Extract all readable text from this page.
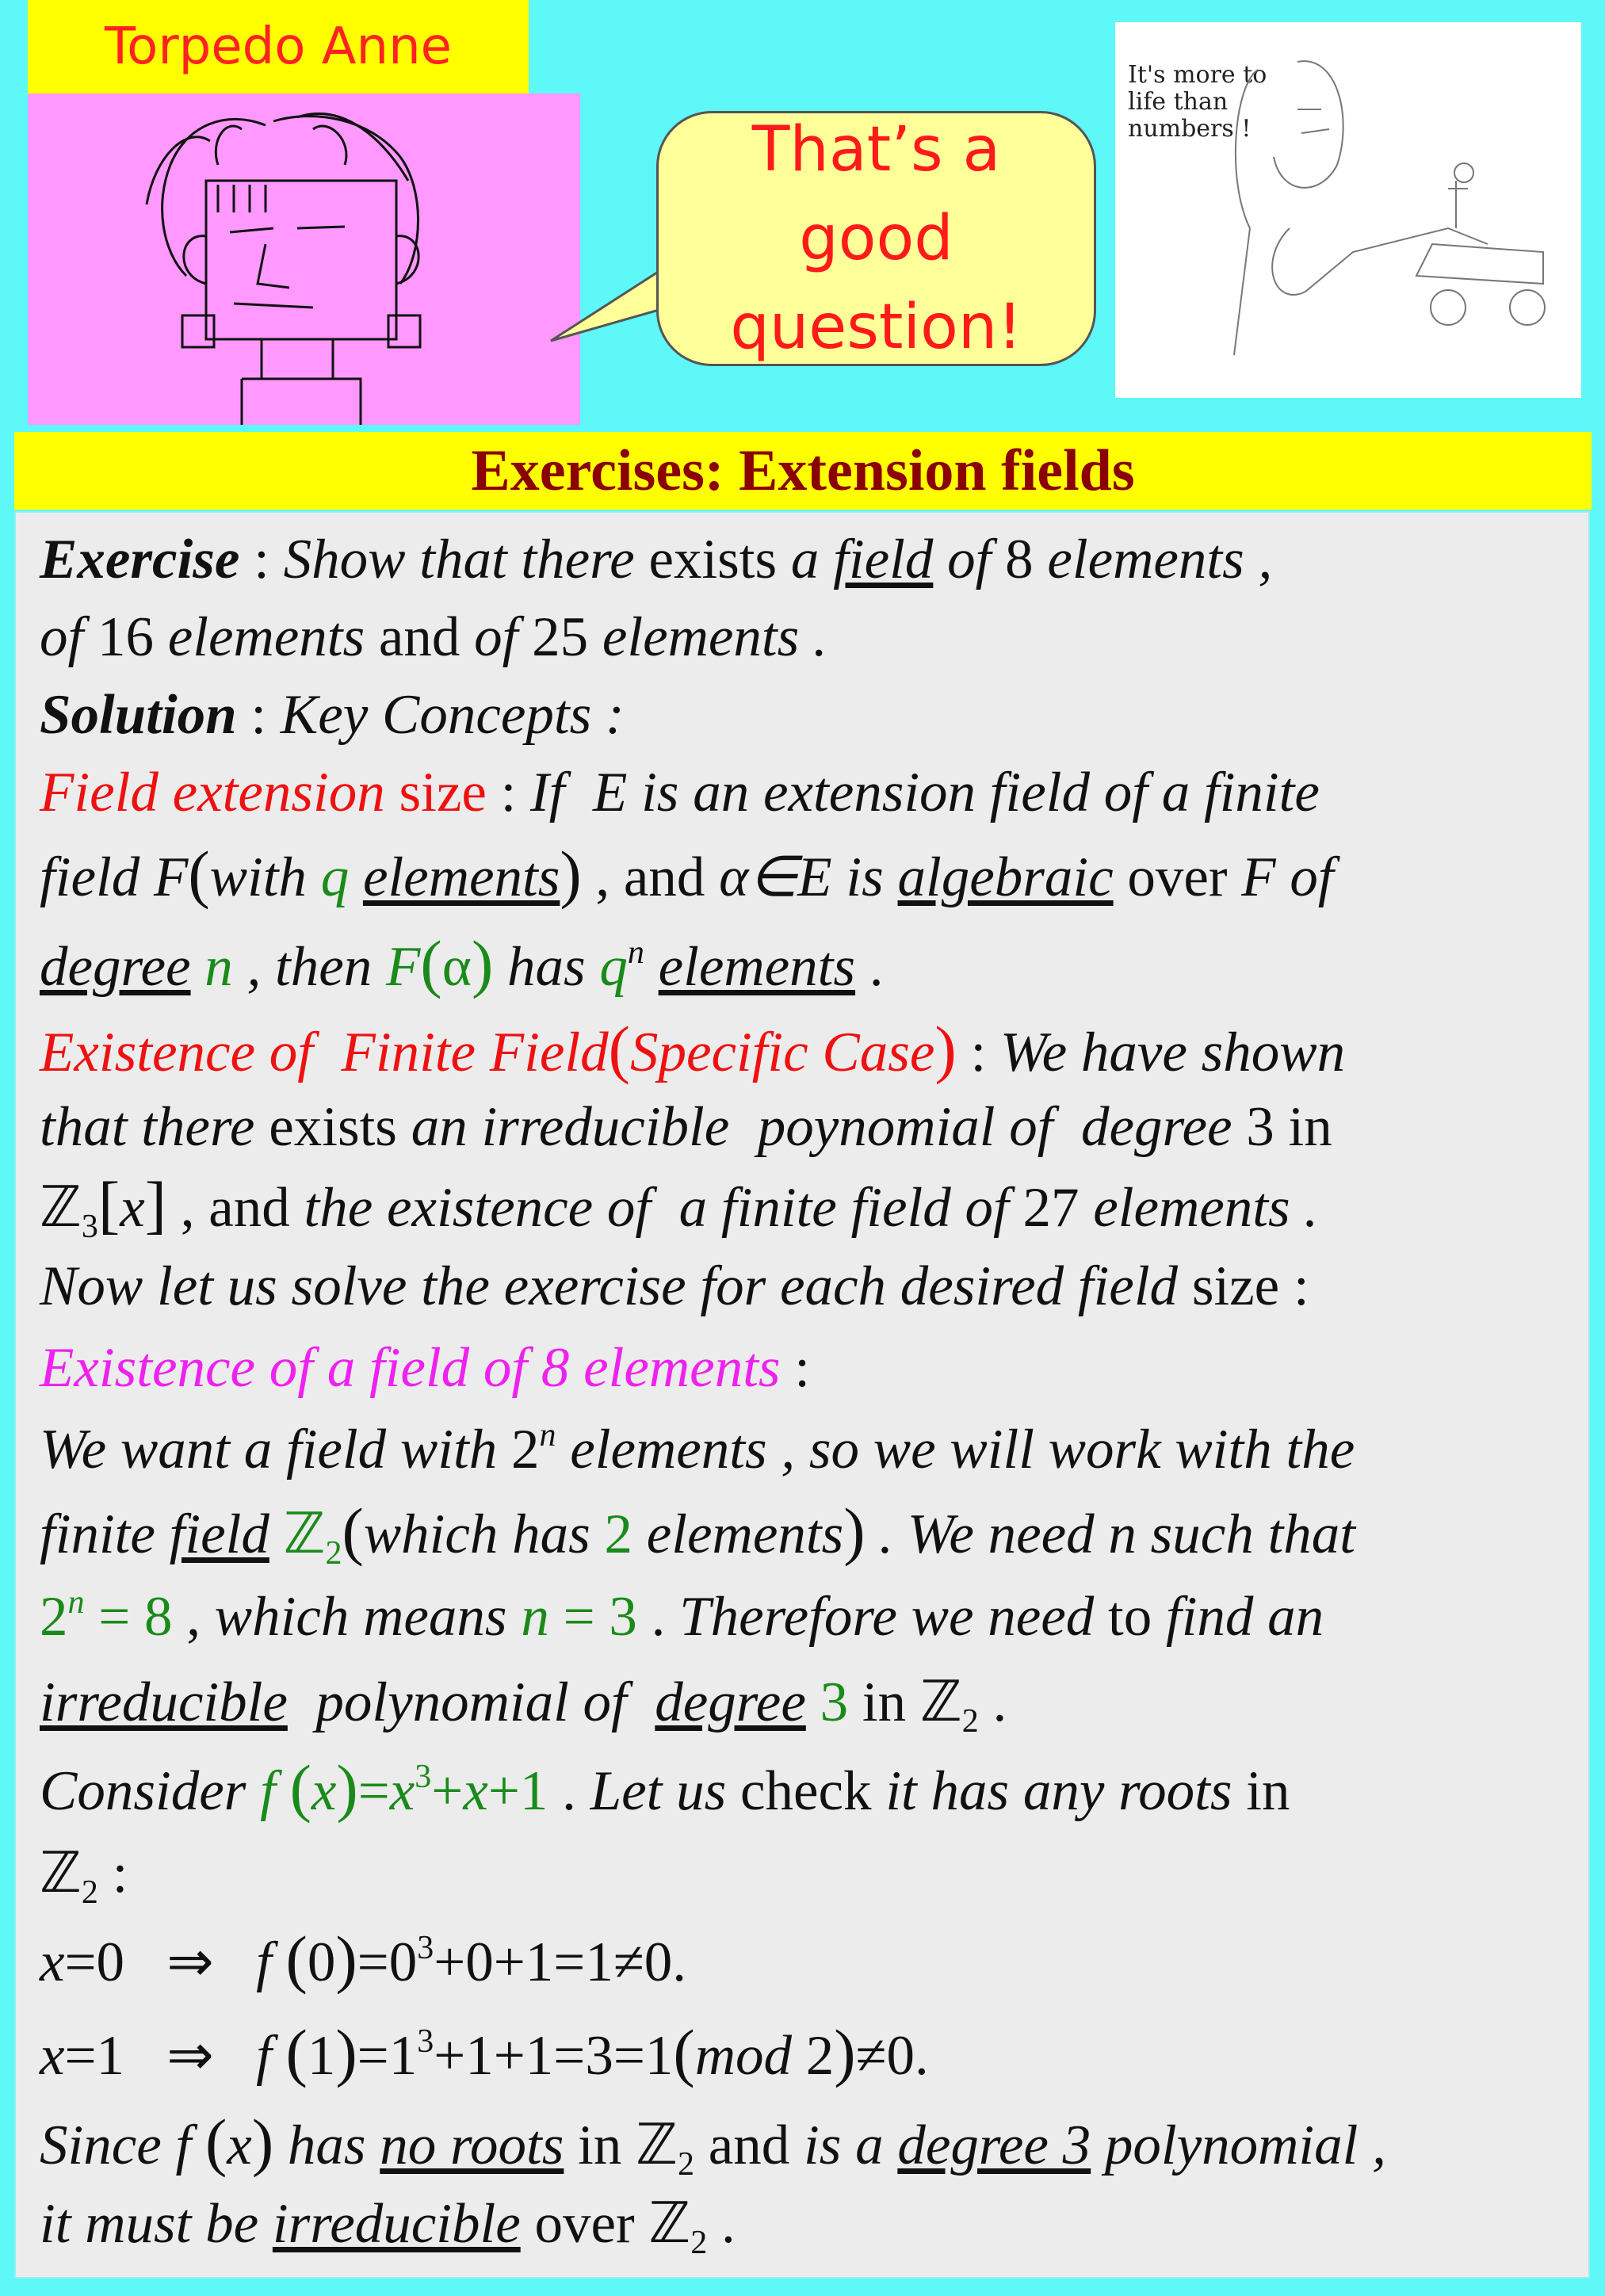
Torpedo Anne
That’s a good question!
It's more to life than numbers !
Exercises: Extension fields
Exercise : Show that there exists a field of 8 elements ,
of 16 elements and of 25 elements .
Solution : Key Concepts :
Field extension size : If  E is an extension field of a finite
field F(with q elements) , and α∈E is algebraic over F of
degree n , then F(α) has $q^n$ elements .
Existence of  Finite Field(Specific Case) : We have shown
that there exists an irreducible  poynomial of  degree 3 in
ℤ$_3$[x] , and the existence of  a finite field of 27 elements .
Now let us solve the exercise for each desired field size :
Existence of a field of 8 elements :
We want a field with 2$^n$ elements , so we will work with the
finite field ℤ$_2$(which has 2 elements) . We need n such that
$2^n = 8$ , which means n = 3 . Therefore we need to find an
irreducible polynomial of degree 3 in ℤ$_2$ .
Consider f $(x)=x^3+x+1$ . Let us check it has any roots in
ℤ$_2$ :
x=0   ⇒   f $(0)=0^3+0+1=1\ne 0$.
x=1   ⇒   f $(1)=1^3+1+1=3=1(mod$ 2)≠0.
Since f (x) has no roots in ℤ$_2$ and is a degree 3 polynomial ,
it must be irreducible over ℤ$_2$ .
